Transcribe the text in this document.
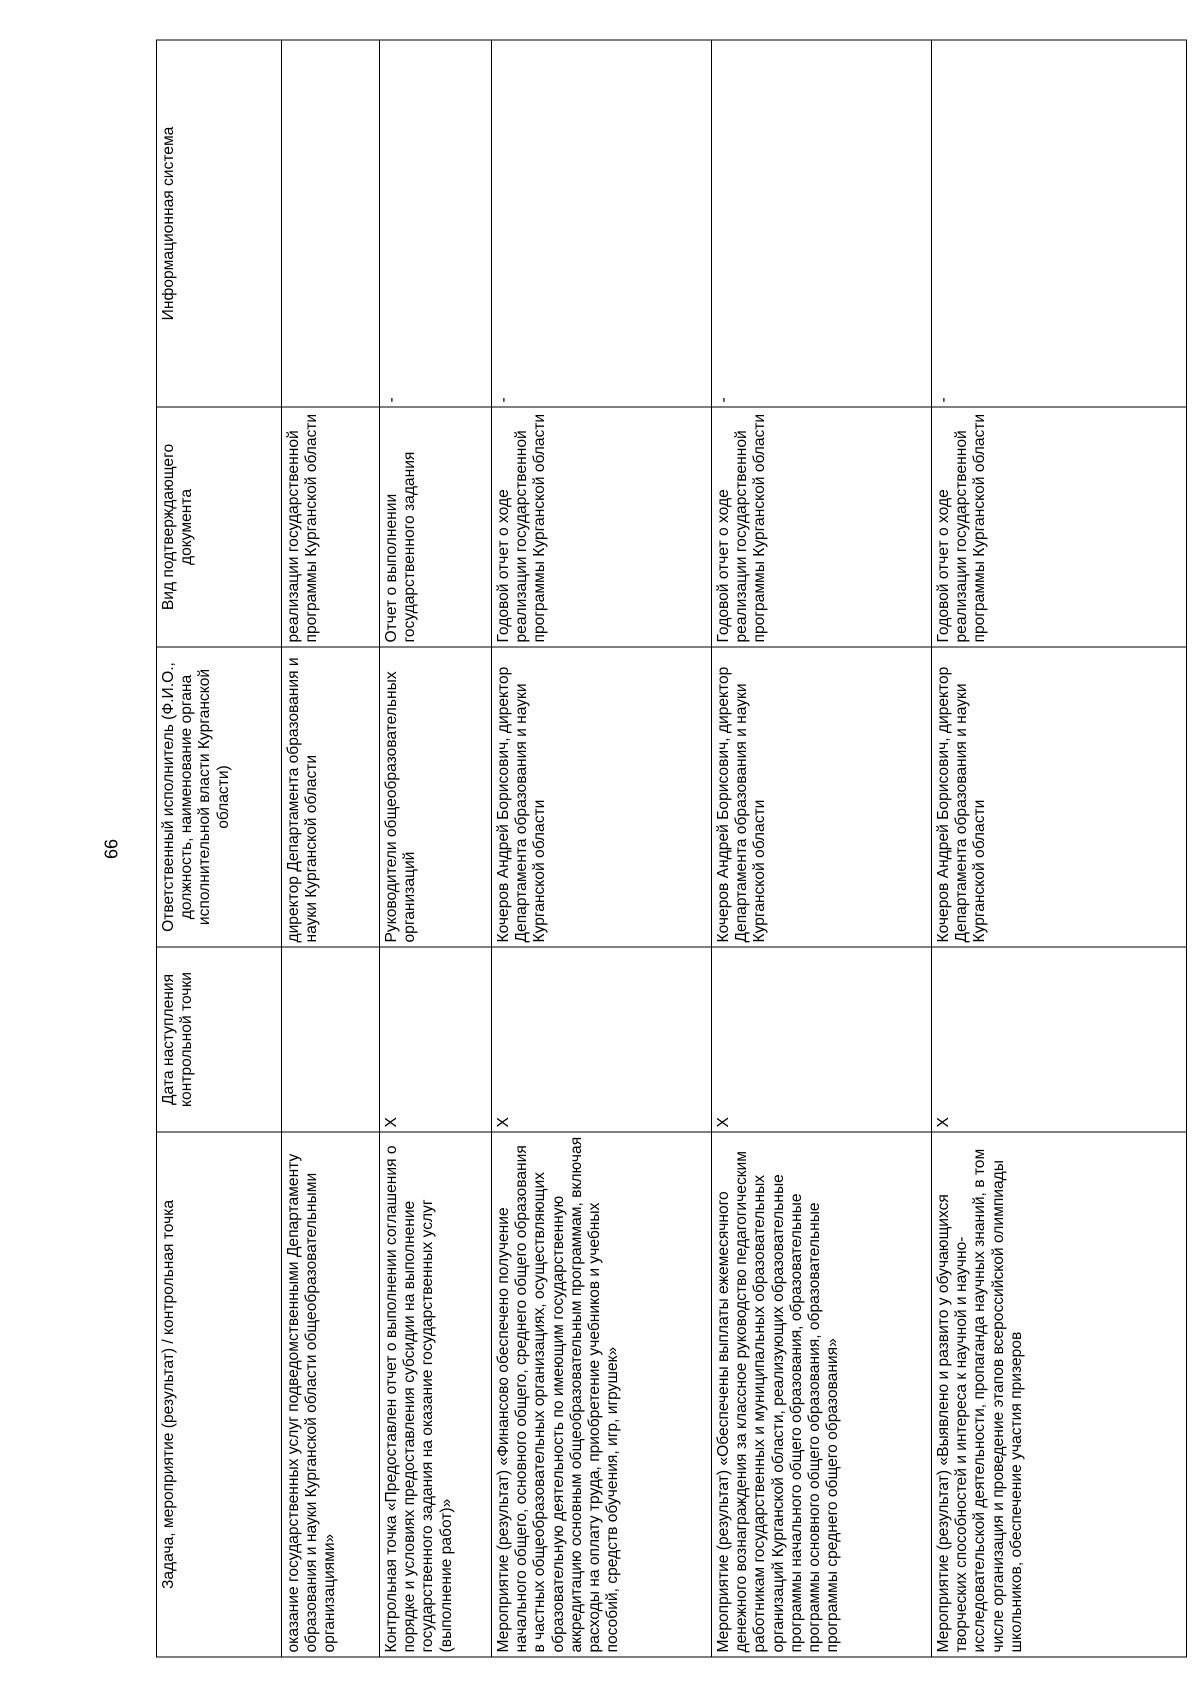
66
Задача, мероприятие (результат) / контрольная точка	Дата наступления контрольной точки	Ответственный исполнитель (Ф.И.О., должность, наименование органа исполнительной власти Курганской области)	Вид подтверждающего документа	Информационная система
оказание государственных услуг подведомственными Департаменту образования и науки Курганской области общеобразовательными организациями»		директор Департамента образования и науки Курганской области	реализации государственной программы Курганской области	
Контрольная точка «Предоставлен отчет о выполнении соглашения о порядке и условиях предоставления субсидии на выполнение государственного задания на оказание государственных услуг (выполнение работ)»	X	Руководители общеобразовательных организаций	Отчет о выполнении государственного задания	-
Мероприятие (результат) «Финансово обеспечено получение начального общего, основного общего, среднего общего образования в частных общеобразовательных организациях, осуществляющих образовательную деятельность по имеющим государственную аккредитацию основным общеобразовательным программам, включая расходы на оплату труда, приобретение учебников и учебных пособий, средств обучения, игр, игрушек»	X	Кочеров Андрей Борисович, директор Департамента образования и науки Курганской области	Годовой отчет о ходе реализации государственной программы Курганской области	-
Мероприятие (результат) «Обеспечены выплаты ежемесячного денежного вознаграждения за классное руководство педагогическим работникам государственных и муниципальных образовательных организаций Курганской области, реализующих образовательные программы начального общего образования, образовательные программы основного общего образования, образовательные программы среднего общего образования»	X	Кочеров Андрей Борисович, директор Департамента образования и науки Курганской области	Годовой отчет о ходе реализации государственной программы Курганской области	-
Мероприятие (результат) «Выявлено и развито у обучающихся творческих способностей и интереса к научной и научно-исследовательской деятельности, пропаганда научных знаний, в том числе организация и проведение этапов всероссийской олимпиады школьников, обеспечение участия призеров	X	Кочеров Андрей Борисович, директор Департамента образования и науки Курганской области	Годовой отчет о ходе реализации государственной программы Курганской области	-
